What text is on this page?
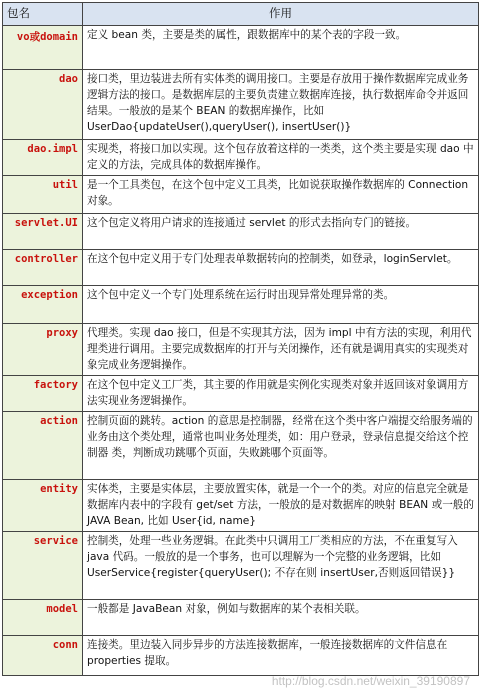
包名	作用
vo或domain	定义 bean 类，主要是类的属性，跟数据库中的某个表的字段一致。
dao	接口类，里边装进去所有实体类的调用接口。主要是存放用于操作数据库完成业务逻辑方法的接口。是数据库层的主要负责建立数据库连接，执行数据库命令并返回结果。一般放的是某个 BEAN 的数据库操作，比如 UserDao{updateUser(),queryUser(), insertUser()}
dao.impl	实现类，将接口加以实现。这个包存放着这样的一类类，这个类主要是实现 dao 中定义的方法，完成具体的数据库操作。
util	是一个工具类包，在这个包中定义工具类，比如说获取操作数据库的 Connection 对象。
servlet.UI	这个包定义将用户请求的连接通过 servlet 的形式去指向专门的链接。
controller	在这个包中定义用于专门处理表单数据转向的控制类，如登录，loginServlet。
exception	这个包中定义一个专门处理系统在运行时出现异常处理异常的类。
proxy	代理类。实现 dao 接口，但是不实现其方法，因为 impl 中有方法的实现，利用代理类进行调用。主要完成数据库的打开与关闭操作，还有就是调用真实的实现类对象完成业务逻辑操作。
factory	在这个包中定义工厂类，其主要的作用就是实例化实现类对象并返回该对象调用方法实现业务逻辑操作。
action	控制页面的跳转。action 的意思是控制器，经常在这个类中客户端提交给服务端的业务由这个类处理，通常也叫业务处理类，如：用户登录，登录信息提交给这个控制器 类，判断成功跳哪个页面，失败跳哪个页面等。
entity	实体类，主要是实体层，主要放置实体，就是一个一个的类。对应的信息完全就是数据库内表中的字段有 get/set 方法，一般放的是对数据库的映射 BEAN 或一般的 JAVA Bean, 比如 User{id, name}
service	控制类，处理一些业务逻辑。在此类中只调用工厂类相应的方法，不在重复写入 java 代码。一般放的是一个事务，也可以理解为一个完整的业务逻辑，比如 UserService{register{queryUser(); 不存在则 insertUser,否则返回错误}}
model	一般都是 JavaBean 对象，例如与数据库的某个表相关联。
conn	连接类。里边装入同步异步的方法连接数据库，一般连接数据库的文件信息在 properties 提取。
http://blog.csdn.net/weixin_39190897
